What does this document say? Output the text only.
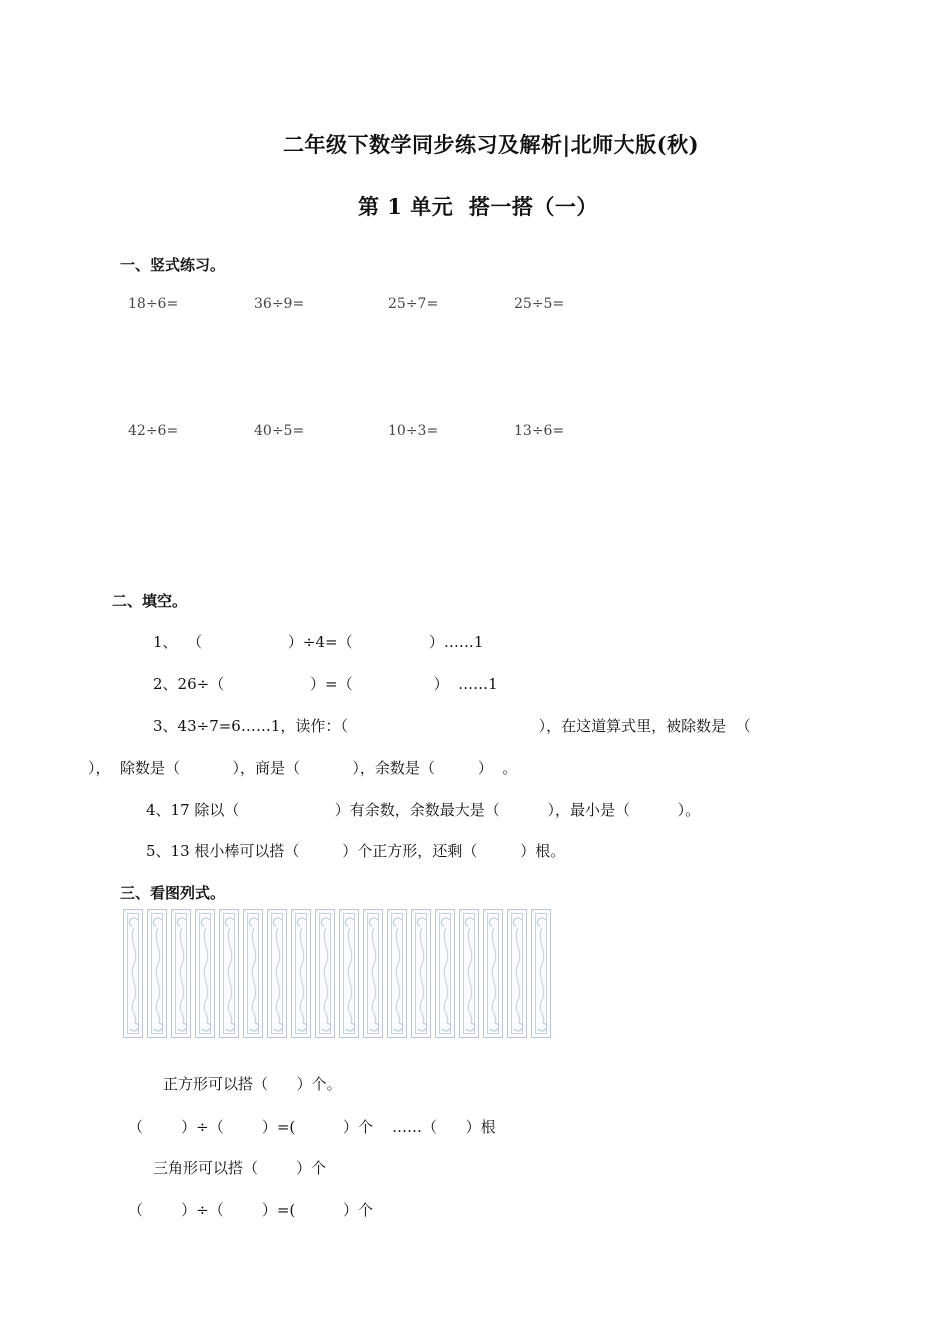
二年级下数学同步练习及解析|北师大版(秋)
第 1 单元  搭一搭（一）
一、竖式练习。
18÷6=	36÷9=	25÷7=	25÷5=
42÷6=	40÷5=	10÷3=	13÷6=
二、填空。
1、  （                  ）÷4=（                ）……1
2、26÷（                  ）=（                 ）  ……1
3、43÷7=6……1，读作：（                                        ），在这道算式里，被除数是  （
），  除数是（           ），商是（           ），余数是（         ）  。
4、17 除以（                    ）有余数，余数最大是（          ），最小是（          ）。
5、13 根小棒可以搭（         ）个正方形，还剩（         ）根。
三、看图列式。
正方形可以搭（      ）个。
（        ）÷（        ）=(          ）个    ……（      ）根
三角形可以搭（        ）个
（        ）÷（        ）=(          ）个
